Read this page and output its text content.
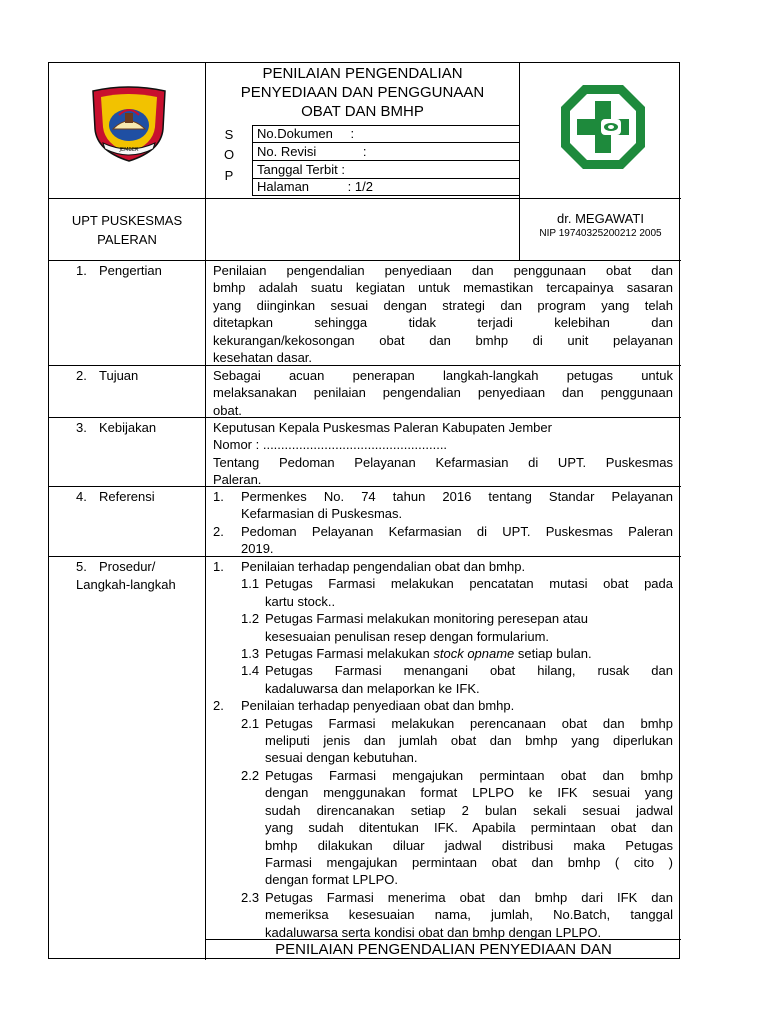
No.Dokumen :
No. Revisi	:
Tanggal Terbit :
Halaman	: 1/2
S
O
P
PENILAIAN PENGENDALIAN
PENYEDIAAN DAN PENGGUNAAN
OBAT DAN BMHP
JEMBER
UPT PUSKESMAS
PALERAN
dr. MEGAWATI
NIP 19740325200212 2005
1. Pengertian	Penilaian pengendalian penyediaan dan penggunaan obat dan
bmhp adalah suatu kegiatan untuk memastikan tercapainya sasaran
yang diinginkan sesuai dengan strategi dan program yang telah
ditetapkan sehingga tidak terjadi kelebihan dan
kekurangan/kekosongan obat dan bmhp di unit pelayanan
kesehatan dasar.
2. Tujuan	Sebagai acuan penerapan langkah-langkah petugas untuk
melaksanakan penilaian pengendalian penyediaan dan penggunaan
obat.
3. Kebijakan	Keputusan Kepala Puskesmas Paleran Kabupaten Jember
Nomor : ...................................................
Tentang Pedoman Pelayanan Kefarmasian di UPT. Puskesmas
Paleran.
4. Referensi	1. Permenkes No. 74 tahun 2016 tentang Standar Pelayanan
Kefarmasian di Puskesmas.
2. Pedoman Pelayanan Kefarmasian di UPT. Puskesmas Paleran
2019.
5. Prosedur/
Langkah-langkah
1. Penilaian terhadap pengendalian obat dan bmhp.
1.1 Petugas Farmasi melakukan pencatatan mutasi obat pada
kartu stock..
1.2 Petugas Farmasi melakukan monitoring peresepan atau
kesesuaian penulisan resep dengan formularium.
1.3 Petugas Farmasi melakukan stock opname setiap bulan.
1.4 Petugas Farmasi menangani obat hilang, rusak dan
kadaluwarsa dan melaporkan ke IFK.
2. Penilaian terhadap penyediaan obat dan bmhp.
2.1 Petugas Farmasi melakukan perencanaan obat dan bmhp
meliputi jenis dan jumlah obat dan bmhp yang diperlukan
sesuai dengan kebutuhan.
2.2 Petugas Farmasi mengajukan permintaan obat dan bmhp
dengan menggunakan format LPLPO ke IFK sesuai yang
sudah direncanakan setiap 2 bulan sekali sesuai jadwal
yang sudah ditentukan IFK. Apabila permintaan obat dan
bmhp dilakukan diluar jadwal distribusi maka Petugas
Farmasi mengajukan permintaan obat dan bmhp ( cito )
dengan format LPLPO.
2.3 Petugas Farmasi menerima obat dan bmhp dari IFK dan
memeriksa kesesuaian nama, jumlah, No.Batch, tanggal
kadaluwarsa serta kondisi obat dan bmhp dengan LPLPO.
PENILAIAN PENGENDALIAN PENYEDIAAN DAN
